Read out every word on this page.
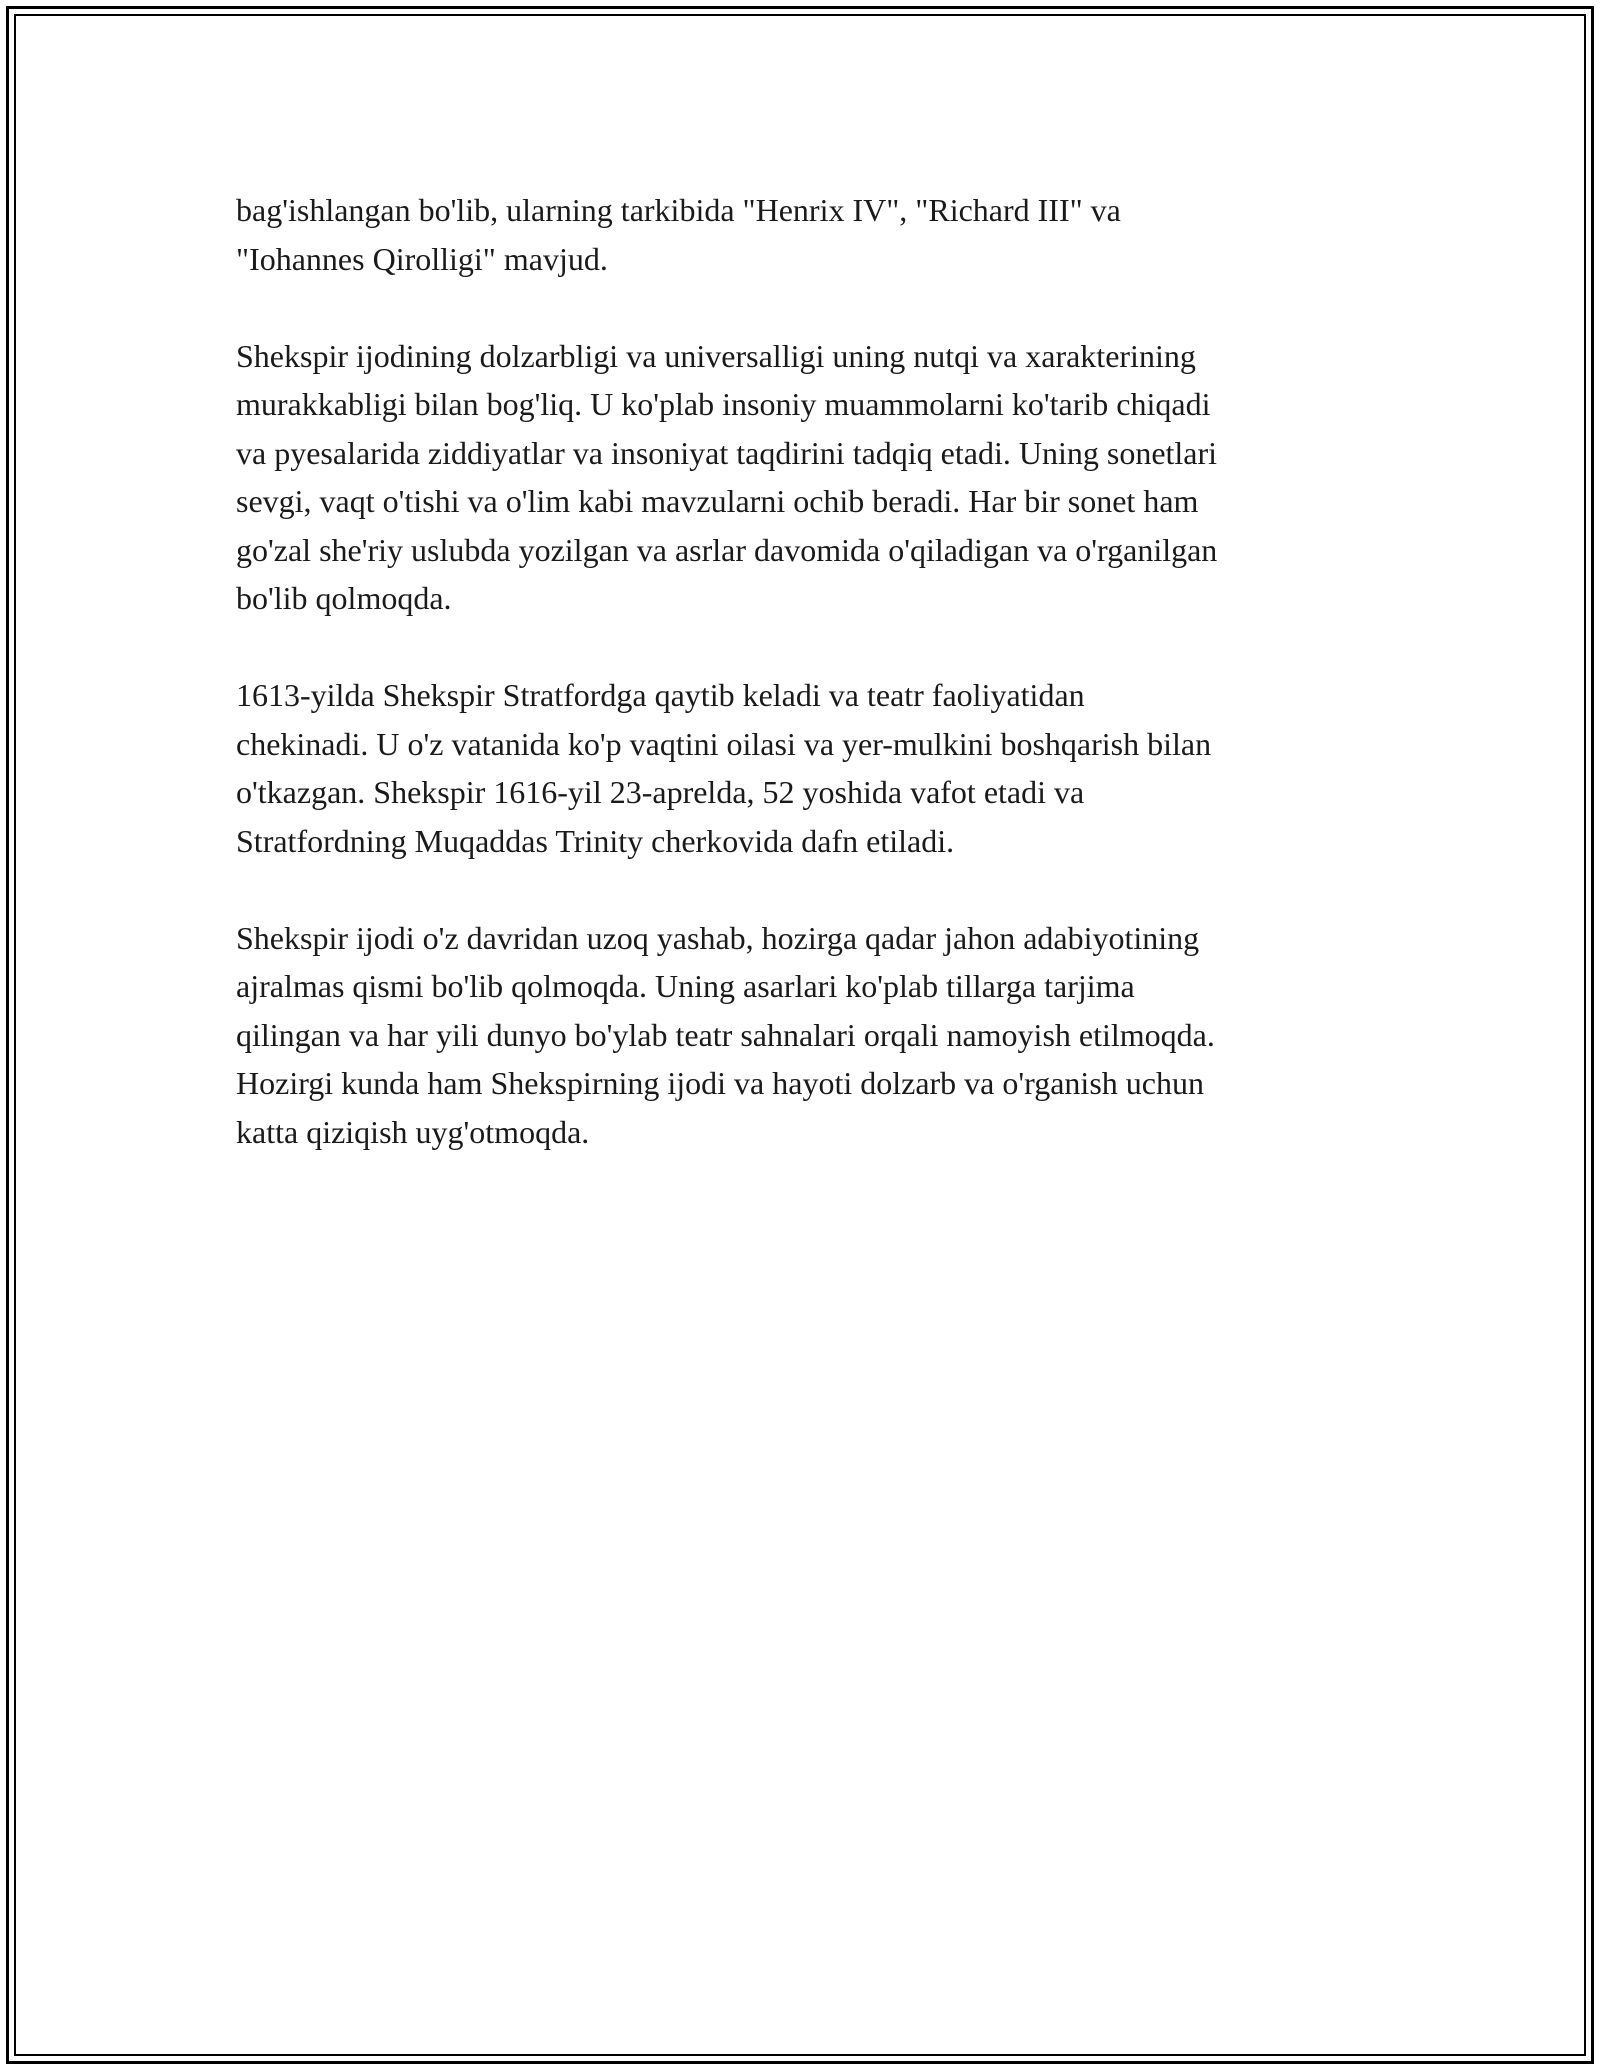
bag'ishlangan bo'lib, ularning tarkibida "Henrix IV", "Richard III" va
"Iohannes Qirolligi" mavjud.

Shekspir ijodining dolzarbligi va universalligi uning nutqi va xarakterining
murakkabligi bilan bog'liq. U ko'plab insoniy muammolarni ko'tarib chiqadi
va pyesalarida ziddiyatlar va insoniyat taqdirini tadqiq etadi. Uning sonetlari
sevgi, vaqt o'tishi va o'lim kabi mavzularni ochib beradi. Har bir sonet ham
go'zal she'riy uslubda yozilgan va asrlar davomida o'qiladigan va o'rganilgan
bo'lib qolmoqda.

1613-yilda Shekspir Stratfordga qaytib keladi va teatr faoliyatidan
chekinadi. U o'z vatanida ko'p vaqtini oilasi va yer-mulkini boshqarish bilan
o'tkazgan. Shekspir 1616-yil 23-aprelda, 52 yoshida vafot etadi va
Stratfordning Muqaddas Trinity cherkovida dafn etiladi.

Shekspir ijodi o'z davridan uzoq yashab, hozirga qadar jahon adabiyotining
ajralmas qismi bo'lib qolmoqda. Uning asarlari ko'plab tillarga tarjima
qilingan va har yili dunyo bo'ylab teatr sahnalari orqali namoyish etilmoqda.
Hozirgi kunda ham Shekspirning ijodi va hayoti dolzarb va o'rganish uchun
katta qiziqish uyg'otmoqda.
